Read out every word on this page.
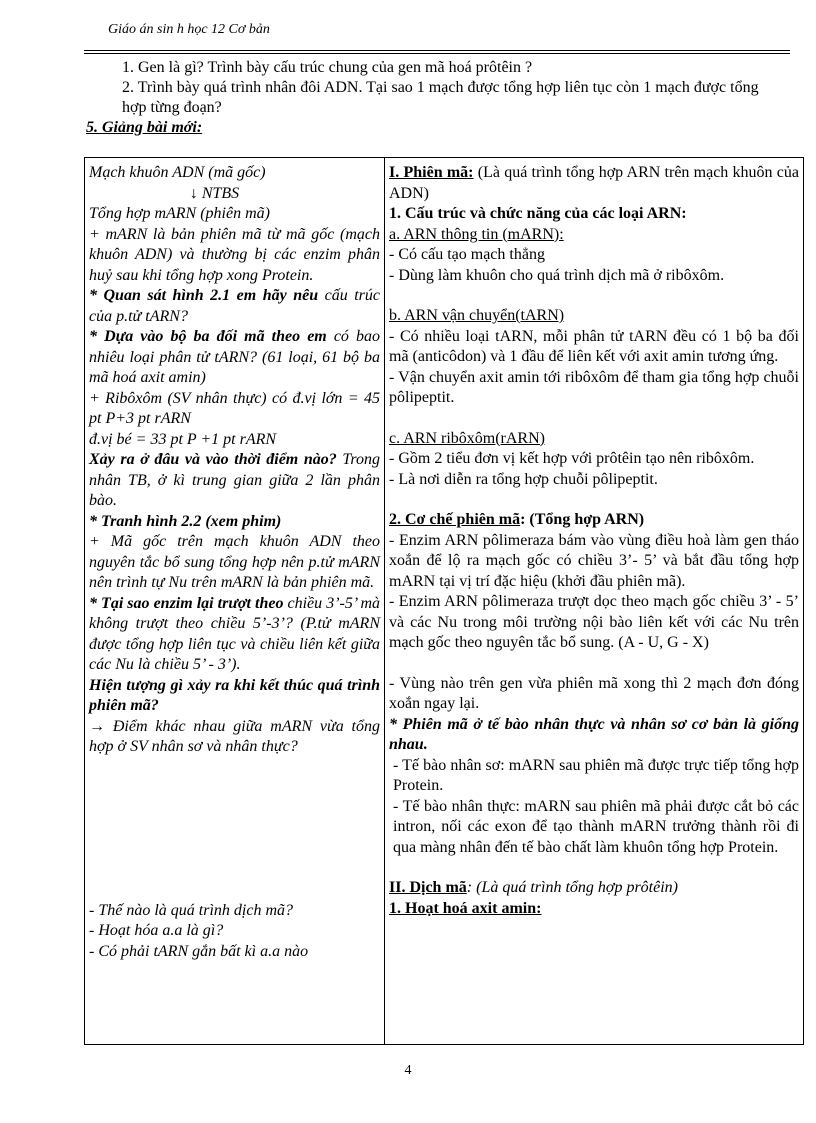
Giáo án sin h học 12 Cơ bản

1. Gen là gì? Trình bày cấu trúc chung của gen mã hoá prôtêin ?

2. Trình bày quá trình nhân đôi ADN. Tại sao 1 mạch được tổng hợp liên tục còn 1 mạch được tổng hợp từng đoạn?

5. Giảng bài mới:

Mạch khuôn ADN (mã gốc)

↓ NTBS

Tổng hợp mARN (phiên mã)

+ mARN là bản phiên mã từ mã gốc (mạch khuôn ADN) và thường bị các enzim phân huỷ sau khi tổng hợp xong Protein.

* Quan sát hình 2.1 em hãy nêu cấu trúc của p.tử tARN?

* Dựa vào bộ ba đối mã theo em có bao nhiêu loại phân tử tARN? (61 loại, 61 bộ ba mã hoá axit amin)

+ Ribôxôm (SV nhân thực) có đ.vị lớn = 45 pt P+3 pt rARN

đ.vị bé = 33 pt P +1 pt rARN

Xảy ra ở đâu và vào thời điểm nào? Trong nhân TB, ở kì trung gian giữa 2 lần phân bào.

* Tranh hình 2.2 (xem phim)

+ Mã gốc trên mạch khuôn ADN theo nguyên tắc bổ sung tổng hợp nên p.tử mARN nên trình tự Nu trên mARN là bản phiên mã.

* Tại sao enzim lại trượt theo chiều 3’-5’ mà không trượt theo chiều 5’-3’? (P.tử mARN được tổng hợp liên tục và chiều liên kết giữa các Nu là chiều 5’ - 3’).

Hiện tượng gì xảy ra khi kết thúc quá trình phiên mã?

→ Điểm khác nhau giữa mARN vừa tổng hợp ở SV nhân sơ và nhân thực?

- Thế nào là quá trình dịch mã?

- Hoạt hóa a.a là gì?

- Có phải tARN gắn bất kì a.a nào

I. Phiên mã: (Là quá trình tổng hợp ARN trên mạch khuôn của ADN)

1. Cấu trúc và chức năng của các loại ARN:

a. ARN thông tin (mARN):

- Có cấu tạo mạch thẳng

- Dùng làm khuôn cho quá trình dịch mã ở ribôxôm.

b. ARN vận chuyển(tARN)

- Có nhiều loại tARN, mỗi phân tử tARN đều có 1 bộ ba đối mã (anticôdon) và 1 đầu để liên kết với axit amin tương ứng.

- Vận chuyển axit amin tới ribôxôm để tham gia tổng hợp chuỗi pôlipeptit.

c. ARN ribôxôm(rARN)

- Gồm 2 tiểu đơn vị kết hợp với prôtêin tạo nên ribôxôm.

- Là nơi diễn ra tổng hợp chuỗi pôlipeptit.

2. Cơ chế phiên mã: (Tổng hợp ARN)

- Enzim ARN pôlimeraza bám vào vùng điều hoà làm gen tháo xoắn để lộ ra mạch gốc có chiều 3’- 5’ và bắt đầu tổng hợp mARN tại vị trí đặc hiệu (khởi đầu phiên mã).

- Enzim ARN pôlimeraza trượt dọc theo mạch gốc chiều 3’ - 5’ và các Nu trong môi trường nội bào liên kết với các Nu trên mạch gốc theo nguyên tắc bổ sung. (A - U, G - X)

- Vùng nào trên gen vừa phiên mã xong thì 2 mạch đơn đóng xoắn ngay lại.

* Phiên mã ở tế bào nhân thực và nhân sơ cơ bản là giống nhau.

- Tế bào nhân sơ: mARN sau phiên mã được trực tiếp tổng hợp Protein.

- Tế bào nhân thực: mARN sau phiên mã phải được cắt bỏ các intron, nối các exon để tạo thành mARN trưởng thành rồi đi qua màng nhân đến tế bào chất làm khuôn tổng hợp Protein.

II. Dịch mã: (Là quá trình tổng hợp prôtêin)

1. Hoạt hoá axit amin:

4
